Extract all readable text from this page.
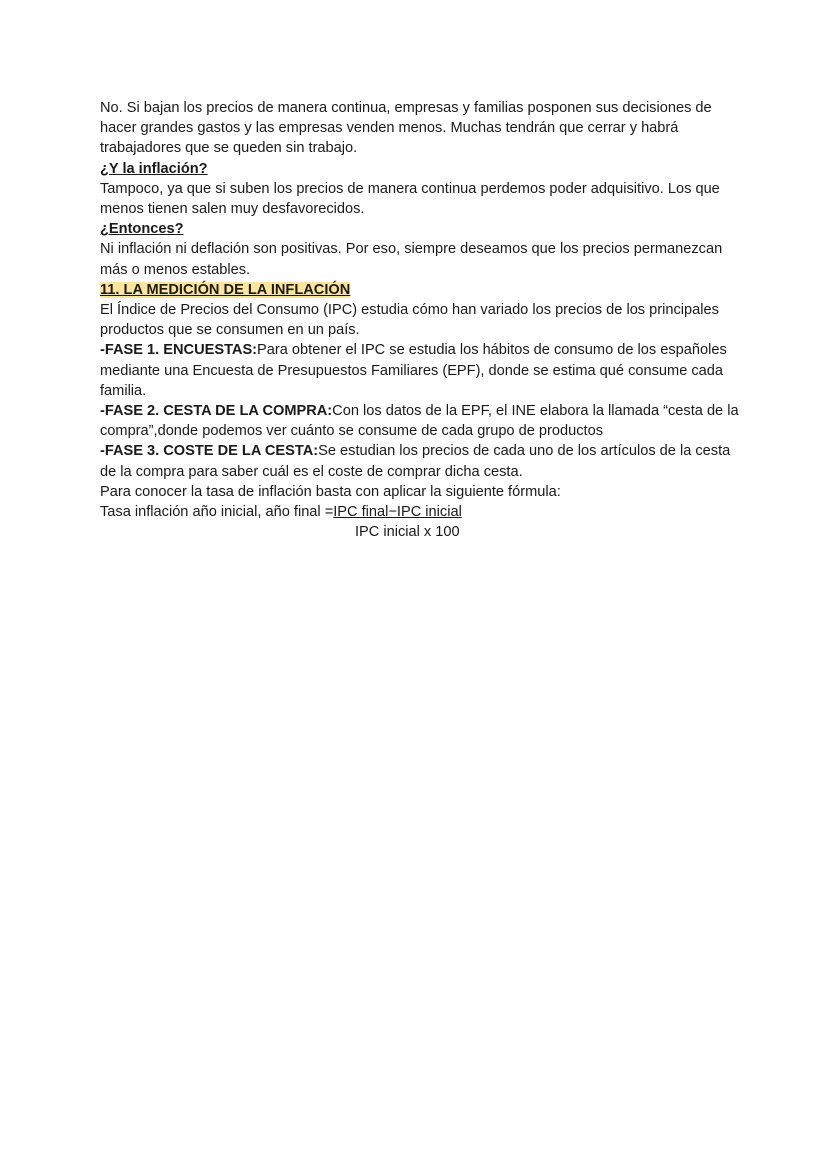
No. Si bajan los precios de manera continua, empresas y familias posponen sus decisiones de hacer grandes gastos y las empresas venden menos. Muchas tendrán que cerrar y habrá trabajadores que se queden sin trabajo.

¿Y la inflación?

Tampoco, ya que si suben los precios de manera continua perdemos poder adquisitivo. Los que menos tienen salen muy desfavorecidos.

¿Entonces?

Ni inflación ni deflación son positivas. Por eso, siempre deseamos que los precios permanezcan más o menos estables.

11. LA MEDICIÓN DE LA INFLACIÓN

El Índice de Precios del Consumo (IPC) estudia cómo han variado los precios de los principales productos que se consumen en un país.

-FASE 1. ENCUESTAS:Para obtener el IPC se estudia los hábitos de consumo de los españoles mediante una Encuesta de Presupuestos Familiares (EPF), donde se estima qué consume cada familia.

-FASE 2. CESTA DE LA COMPRA:Con los datos de la EPF, el INE elabora la llamada “cesta de la compra”,donde podemos ver cuánto se consume de cada grupo de productos

-FASE 3. COSTE DE LA CESTA:Se estudian los precios de cada uno de los artículos de la cesta de la compra para saber cuál es el coste de comprar dicha cesta.

Para conocer la tasa de inflación basta con aplicar la siguiente fórmula:

Tasa inflación año inicial, año final =IPC final−IPC inicial

IPC inicial x 100
